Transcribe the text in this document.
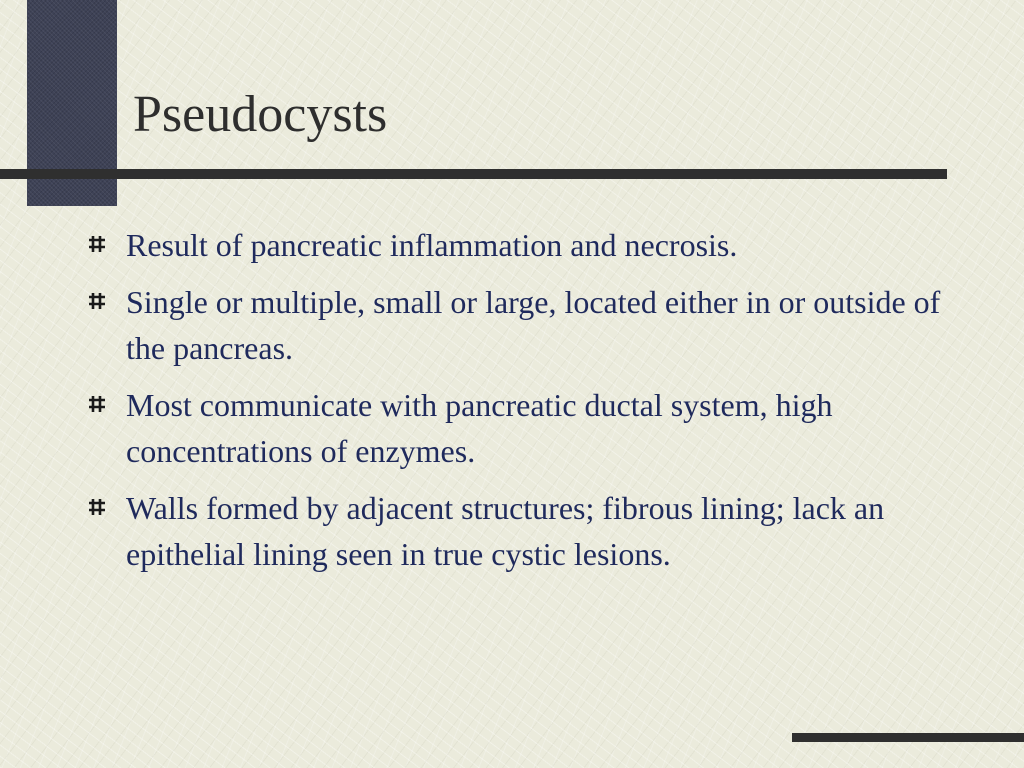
Pseudocysts
Result of pancreatic inflammation and necrosis.
Single or multiple, small or large, located either in or outside of the pancreas.
Most communicate with pancreatic ductal system, high concentrations of enzymes.
Walls formed by adjacent structures; fibrous lining; lack an epithelial lining seen in true cystic lesions.
